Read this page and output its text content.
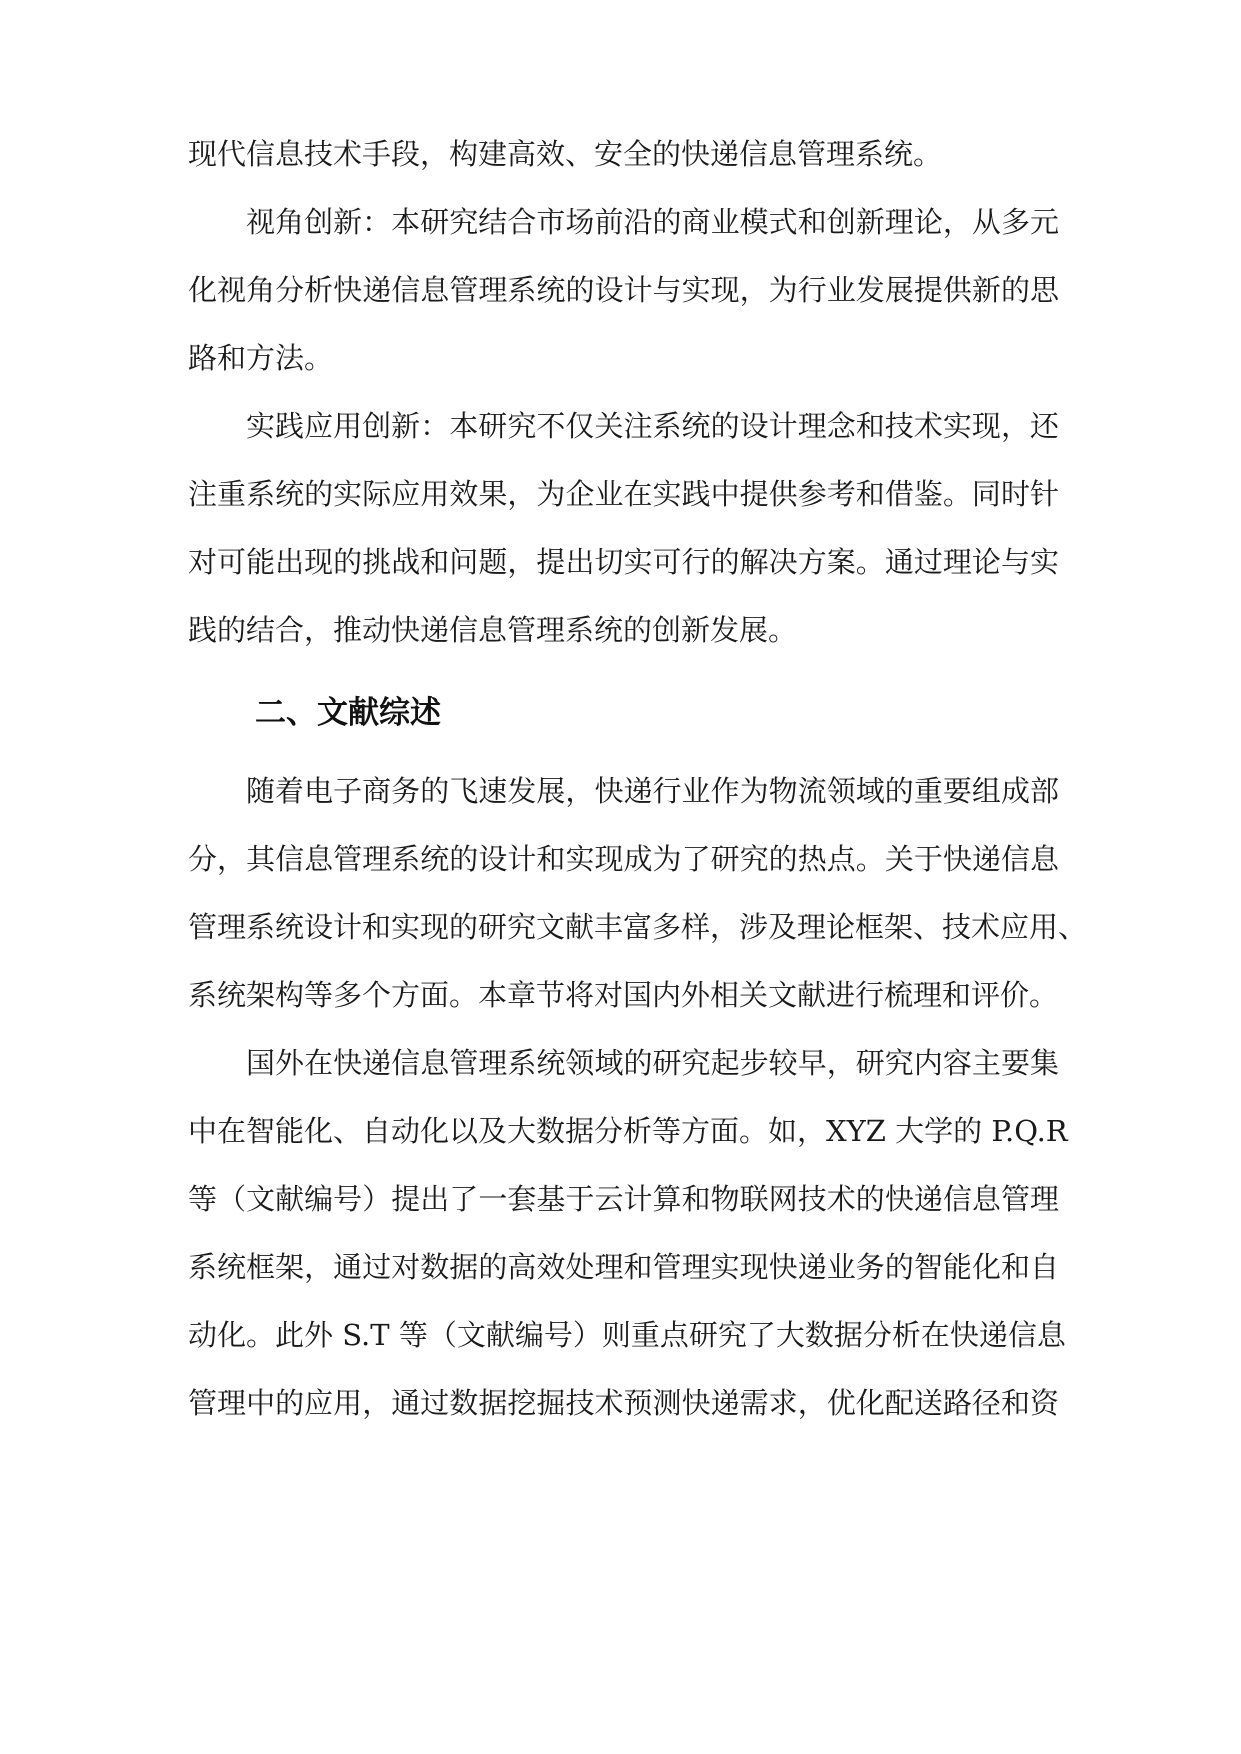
现代信息技术手段，构建高效、安全的快递信息管理系统。
视角创新：本研究结合市场前沿的商业模式和创新理论，从多元
化视角分析快递信息管理系统的设计与实现，为行业发展提供新的思
路和方法。
实践应用创新：本研究不仅关注系统的设计理念和技术实现，还
注重系统的实际应用效果，为企业在实践中提供参考和借鉴。同时针
对可能出现的挑战和问题，提出切实可行的解决方案。通过理论与实
践的结合，推动快递信息管理系统的创新发展。
二、文献综述
随着电子商务的飞速发展，快递行业作为物流领域的重要组成部
分，其信息管理系统的设计和实现成为了研究的热点。关于快递信息
管理系统设计和实现的研究文献丰富多样，涉及理论框架、技术应用、
系统架构等多个方面。本章节将对国内外相关文献进行梳理和评价。
国外在快递信息管理系统领域的研究起步较早，研究内容主要集
中在智能化、自动化以及大数据分析等方面。如，XYZ 大学的 P.Q.R
等（文献编号）提出了一套基于云计算和物联网技术的快递信息管理
系统框架，通过对数据的高效处理和管理实现快递业务的智能化和自
动化。此外 S.T 等（文献编号）则重点研究了大数据分析在快递信息
管理中的应用，通过数据挖掘技术预测快递需求，优化配送路径和资
